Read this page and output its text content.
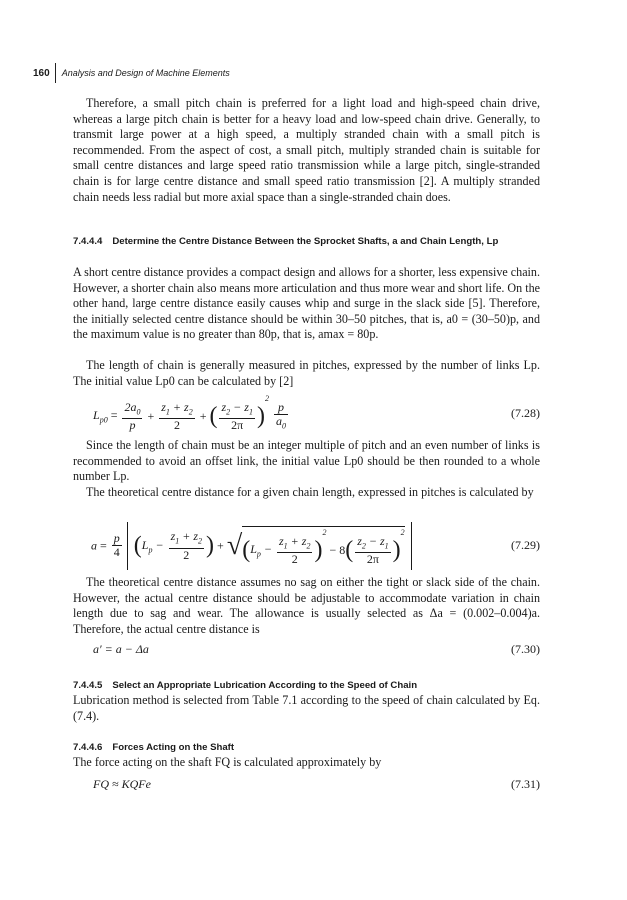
160	Analysis and Design of Machine Elements

Therefore, a small pitch chain is preferred for a light load and high-speed chain drive, whereas a large pitch chain is better for a heavy load and low-speed chain drive. Generally, to transmit large power at a high speed, a multiply stranded chain with a small pitch is recommended. From the aspect of cost, a small pitch, multiply stranded chain is suitable for small centre distances and large speed ratio transmission while a large pitch, single-stranded chain is for large centre distance and small speed ratio transmission [2]. A multiply stranded chain needs less radial but more axial space than a single-stranded chain does.

7.4.4.4 Determine the Centre Distance Between the Sprocket Shafts, a and Chain Length, Lp

A short centre distance provides a compact design and allows for a shorter, less expensive chain. However, a shorter chain also means more articulation and thus more wear and short life. On the other hand, large centre distance easily causes whip and surge in the slack side [5]. Therefore, the initially selected centre distance should be within 30–50 pitches, that is, a0 = (30–50)p, and the maximum value is no greater than 80p, that is, amax = 80p.

The length of chain is generally measured in pitches, expressed by the number of links Lp. The initial value Lp0 can be calculated by [2]

$L_{p0} = \frac{2a_0}{p} + \frac{z_1 + z_2}{2}$ + ( $\frac{z_2 - z_1}{2\pi} )^2$
$\frac{p}{a_0}$	(7.28)

Since the length of chain must be an integer multiple of pitch and an even number of links is recommended to avoid an offset link, the initial value Lp0 should be then rounded to a whole number Lp.

The theoretical centre distance for a given chain length, expressed in pitches is calculated by

$a = \frac{p}{4} (L_p - \frac{z_1 + z_2}{2}$ ) + $√(L_p - \frac{z_1 + z_2}{2} )^2 - 8( \frac{z_2 - z_1}{2\pi} )^2$
(7.29)

The theoretical centre distance assumes no sag on either the tight or slack side of the chain. However, the actual centre distance should be adjustable to accommodate variation in chain length due to sag and wear. The allowance is usually selected as Δa = (0.002–0.004)a. Therefore, the actual centre distance is

a′ = a − Δa	(7.30)
7.4.4.5 Select an Appropriate Lubrication According to the Speed of Chain

Lubrication method is selected from Table 7.1 according to the speed of chain calculated by Eq. (7.4).

7.4.4.6 Forces Acting on the Shaft

The force acting on the shaft FQ is calculated approximately by

FQ ≈ KQFe	(7.31)
